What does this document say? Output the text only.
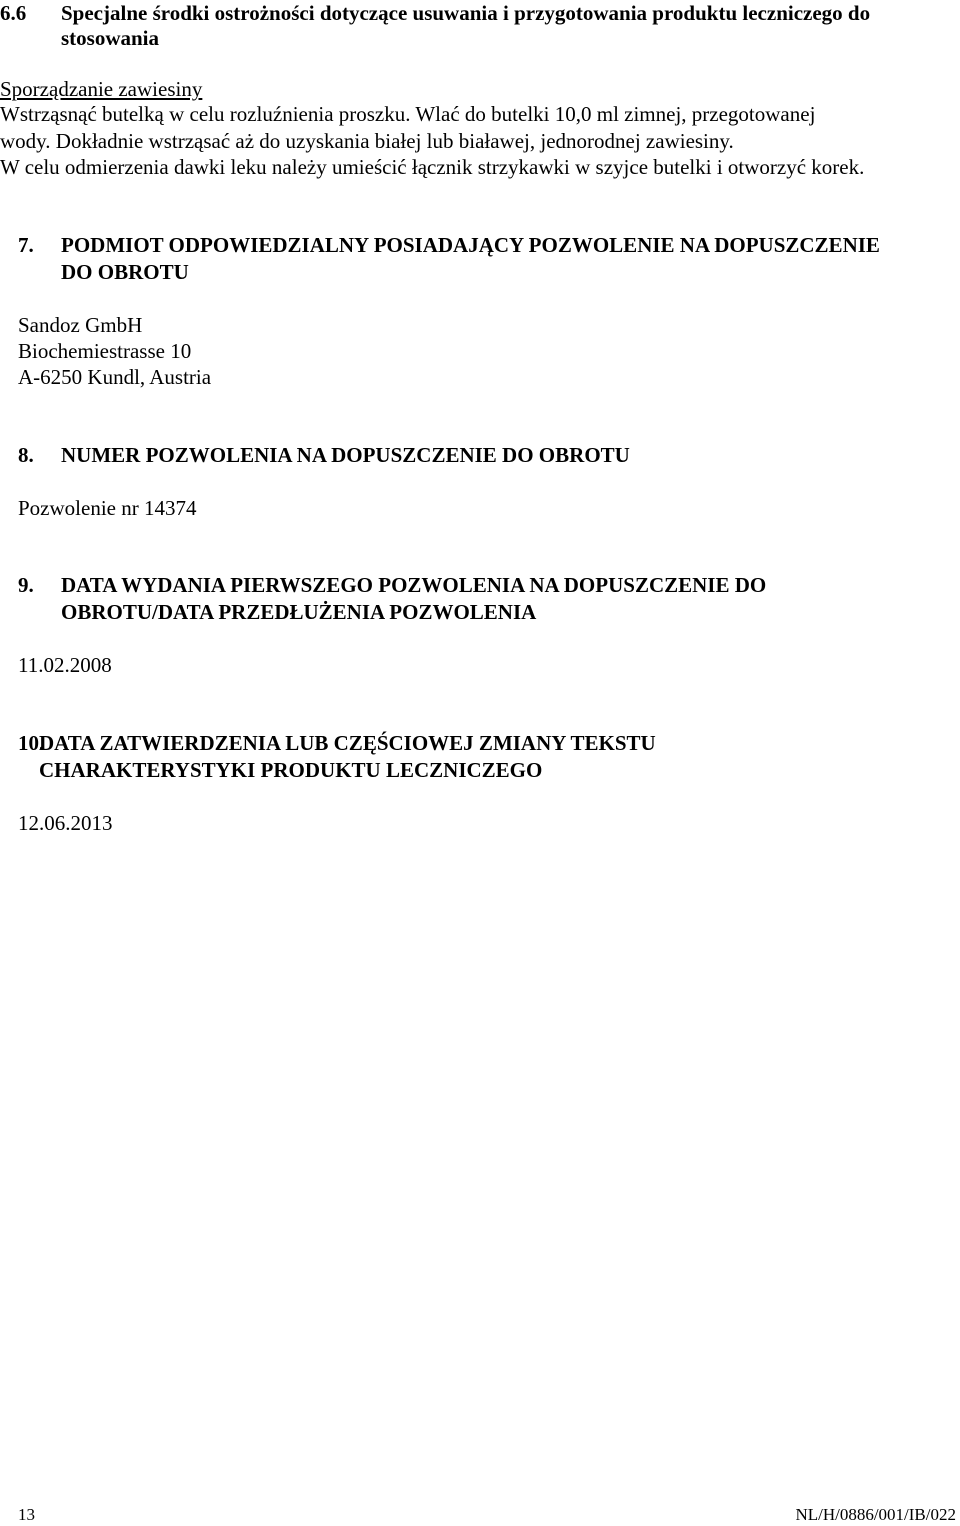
6.6 Specjalne środki ostrożności dotyczące usuwania i przygotowania produktu leczniczego do
stosowania
Sporządzanie zawiesiny
Wstrząsnąć butelką w celu rozluźnienia proszku. Wlać do butelki 10,0 ml zimnej, przegotowanej
wody. Dokładnie wstrząsać aż do uzyskania białej lub białawej, jednorodnej zawiesiny.
W celu odmierzenia dawki leku należy umieścić łącznik strzykawki w szyjce butelki i otworzyć korek.
7. PODMIOT ODPOWIEDZIALNY POSIADAJĄCY POZWOLENIE NA DOPUSZCZENIE
DO OBROTU
Sandoz GmbH
Biochemiestrasse 10
A-6250 Kundl, Austria
8. NUMER POZWOLENIA NA DOPUSZCZENIE DO OBROTU
Pozwolenie nr 14374
9. DATA WYDANIA PIERWSZEGO POZWOLENIA NA DOPUSZCZENIE DO
OBROTU/DATA PRZEDŁUŻENIA POZWOLENIA
11.02.2008
10.
DATA ZATWIERDZENIA LUB CZĘŚCIOWEJ ZMIANY TEKSTU
CHARAKTERYSTYKI PRODUKTU LECZNICZEGO
12.06.2013
13	NL/H/0886/001/IB/022
